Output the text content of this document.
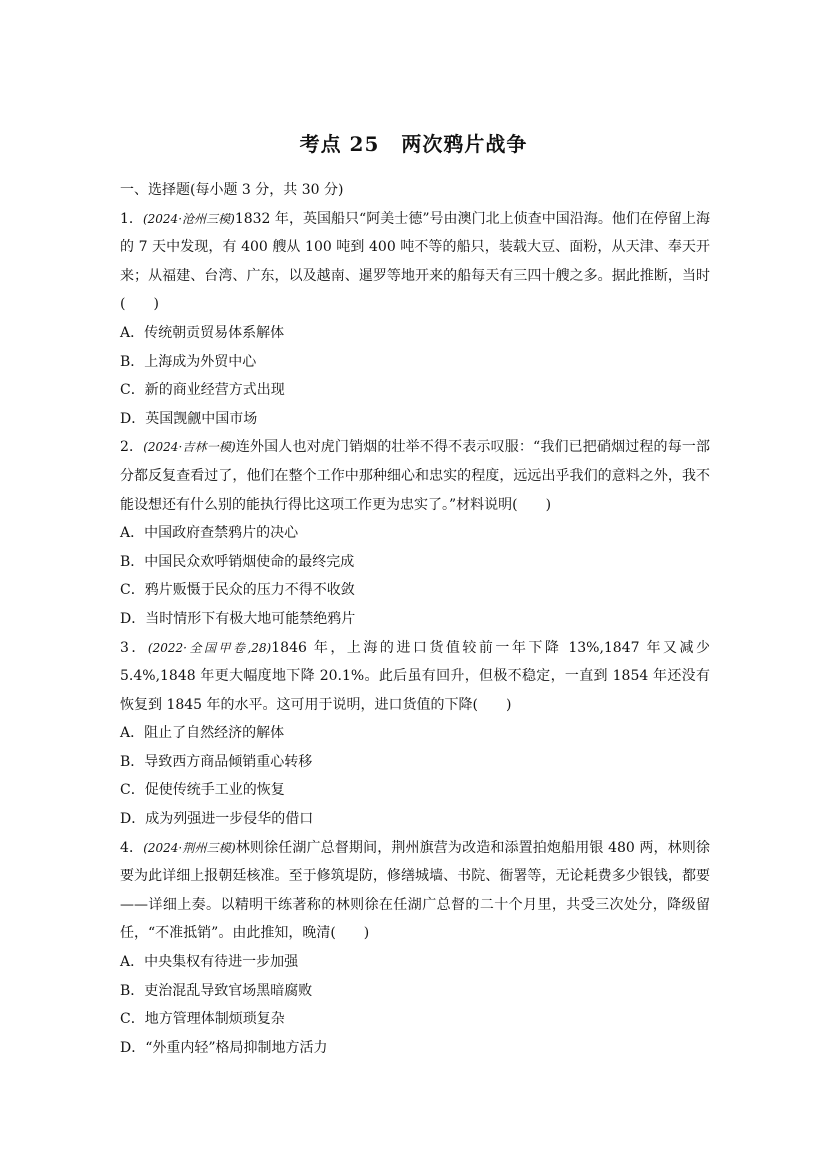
考点 25 两次鸦片战争

一、选择题(每小题 3 分，共 30 分)

1．(2024·沧州三模)1832 年，英国船只“阿美士德”号由澳门北上侦查中国沿海。他们在停留上海的 7 天中发现，有 400 艘从 100 吨到 400 吨不等的船只，装载大豆、面粉，从天津、奉天开来；从福建、台湾、广东，以及越南、暹罗等地开来的船每天有三四十艘之多。据此推断，当时(　　)

A．传统朝贡贸易体系解体

B．上海成为外贸中心

C．新的商业经营方式出现

D．英国觊觎中国市场

2．(2024·吉林一模)连外国人也对虎门销烟的壮举不得不表示叹服：“我们已把硝烟过程的每一部分都反复查看过了，他们在整个工作中那种细心和忠实的程度，远远出乎我们的意料之外，我不能设想还有什么别的能执行得比这项工作更为忠实了。”材料说明(　　)

A．中国政府查禁鸦片的决心

B．中国民众欢呼销烟使命的最终完成

C．鸦片贩慑于民众的压力不得不收敛

D．当时情形下有极大地可能禁绝鸦片

3．(2022·全国甲卷,28)1846 年，上海的进口货值较前一年下降 13%,1847 年又减少 5.4%,1848 年更大幅度地下降 20.1%。此后虽有回升，但极不稳定，一直到 1854 年还没有恢复到 1845 年的水平。这可用于说明，进口货值的下降(　　)

A．阻止了自然经济的解体

B．导致西方商品倾销重心转移

C．促使传统手工业的恢复

D．成为列强进一步侵华的借口

4．(2024·荆州三模)林则徐任湖广总督期间，荆州旗营为改造和添置拍炮船用银 480 两，林则徐要为此详细上报朝廷核准。至于修筑堤防，修缮城墙、书院、衙署等，无论耗费多少银钱，都要——详细上奏。以精明干练著称的林则徐在任湖广总督的二十个月里，共受三次处分，降级留任，“不准抵销”。由此推知，晚清(　　)

A．中央集权有待进一步加强

B．吏治混乱导致官场黑暗腐败

C．地方管理体制烦琐复杂

D．“外重内轻”格局抑制地方活力
